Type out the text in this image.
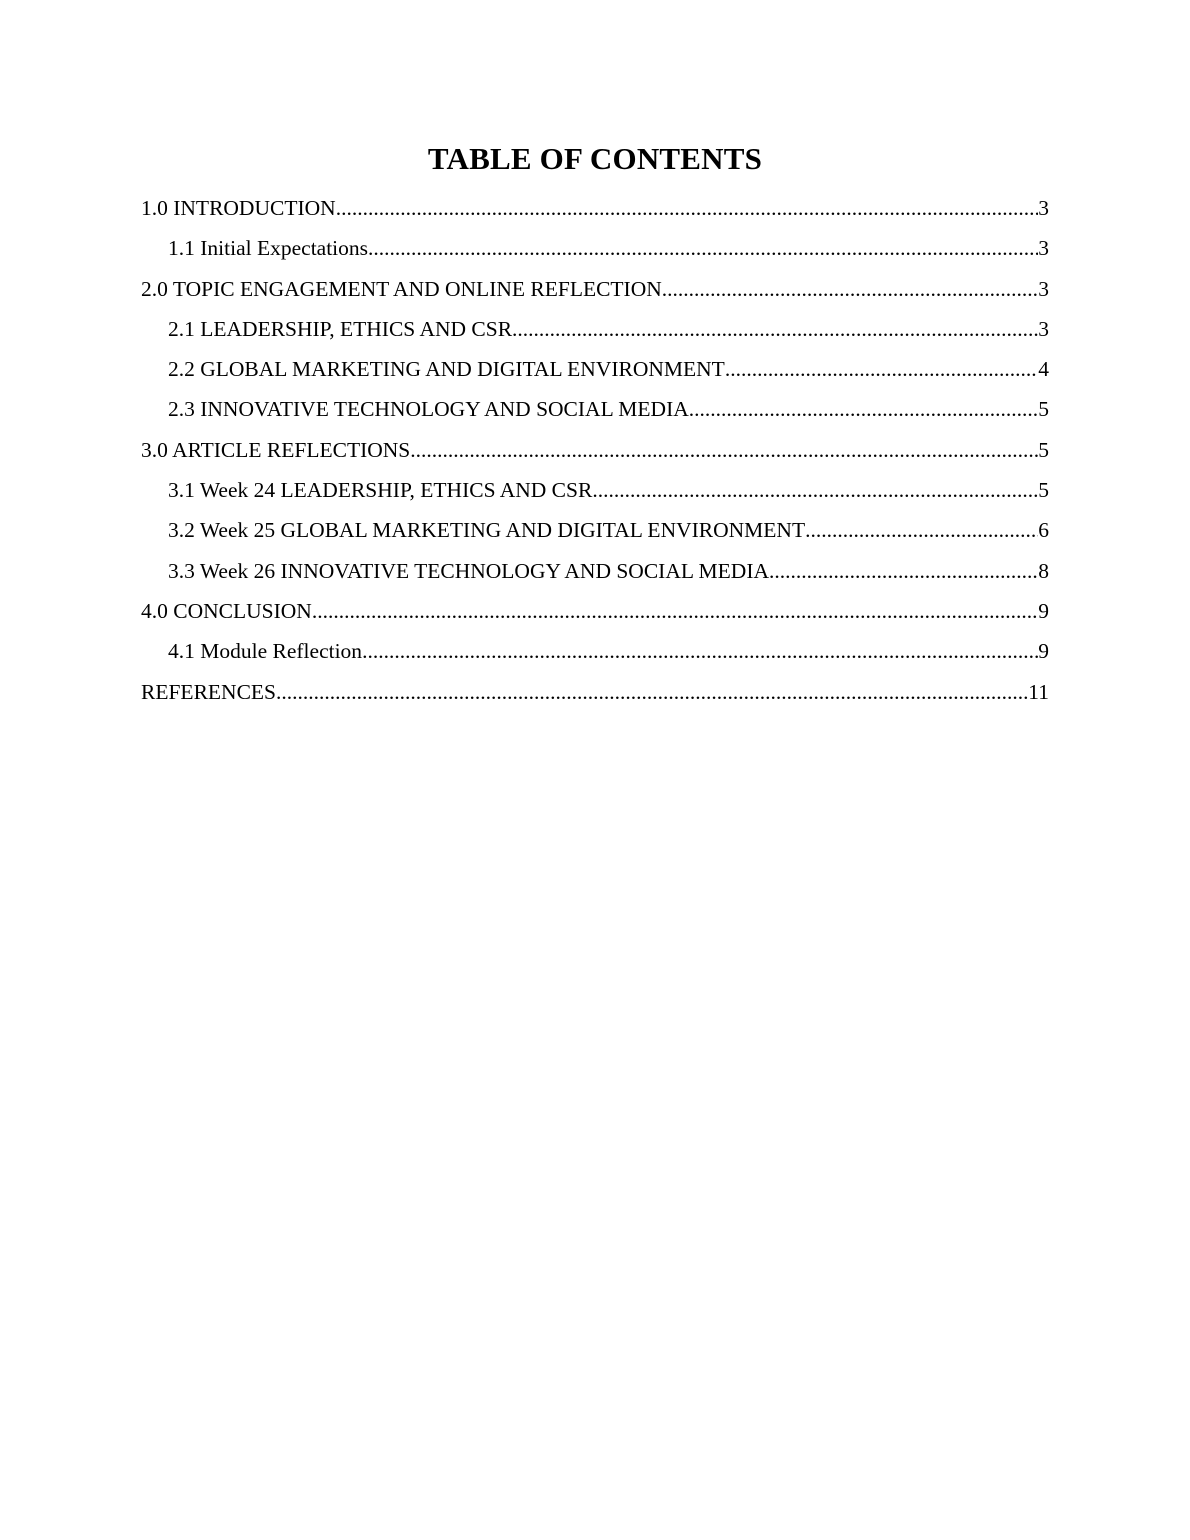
TABLE OF CONTENTS
1.0 INTRODUCTION .....	3
1.1 Initial Expectations .....	3
2.0 TOPIC ENGAGEMENT AND ONLINE REFLECTION .....	3
2.1 LEADERSHIP, ETHICS AND CSR .....	3
2.2 GLOBAL MARKETING AND DIGITAL ENVIRONMENT .....	4
2.3 INNOVATIVE TECHNOLOGY AND SOCIAL MEDIA .....	5
3.0 ARTICLE REFLECTIONS .....	5
3.1 Week 24 LEADERSHIP, ETHICS AND CSR .....	5
3.2 Week 25 GLOBAL MARKETING AND DIGITAL ENVIRONMENT .....	6
3.3 Week 26 INNOVATIVE TECHNOLOGY AND SOCIAL MEDIA .....	8
4.0 CONCLUSION .....	9
4.1 Module Reflection .....	9
REFERENCES .....	11
